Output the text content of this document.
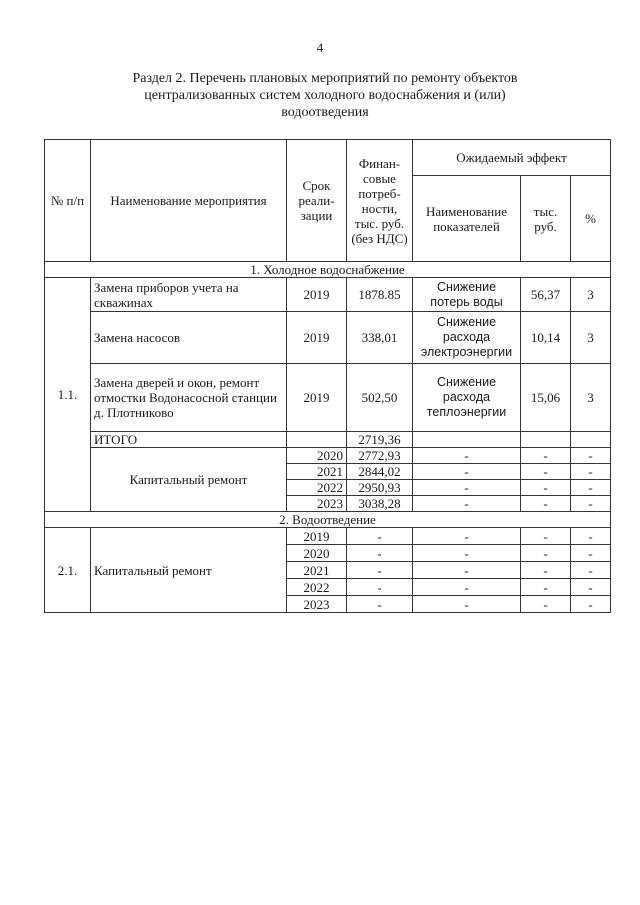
4
Раздел 2. Перечень плановых мероприятий по ремонту объектов
централизованных систем холодного водоснабжения и (или)
водоотведения
№ п/п	Наименование мероприятия	Срок реали-зации	Финан-совые потреб-ности, тыс. руб. (без НДС)	Ожидаемый эффект		
				Наименование показателей	тыс. руб.	%
1. Холодное водоснабжение						
1.1.	Замена приборов учета на скважинах	2019	1878.85	Снижение потерь воды	56,37	3
	Замена насосов	2019	338,01	Снижение расхода электроэнергии	10,14	3
	Замена дверей и окон, ремонт отмостки Водонасосной станции д. Плотниково	2019	502,50	Снижение расхода теплоэнергии	15,06	3
	ИТОГО		2719,36			
	Капитальный ремонт	2020	2772,93	-	-	-
		2021	2844,02	-	-	-
		2022	2950,93	-	-	-
		2023	3038,28	-	-	-
2. Водоотведение						
2.1.	Капитальный ремонт	2019	-	-	-	-
		2020	-	-	-	-
		2021	-	-	-	-
		2022	-	-	-	-
		2023	-	-	-	-
